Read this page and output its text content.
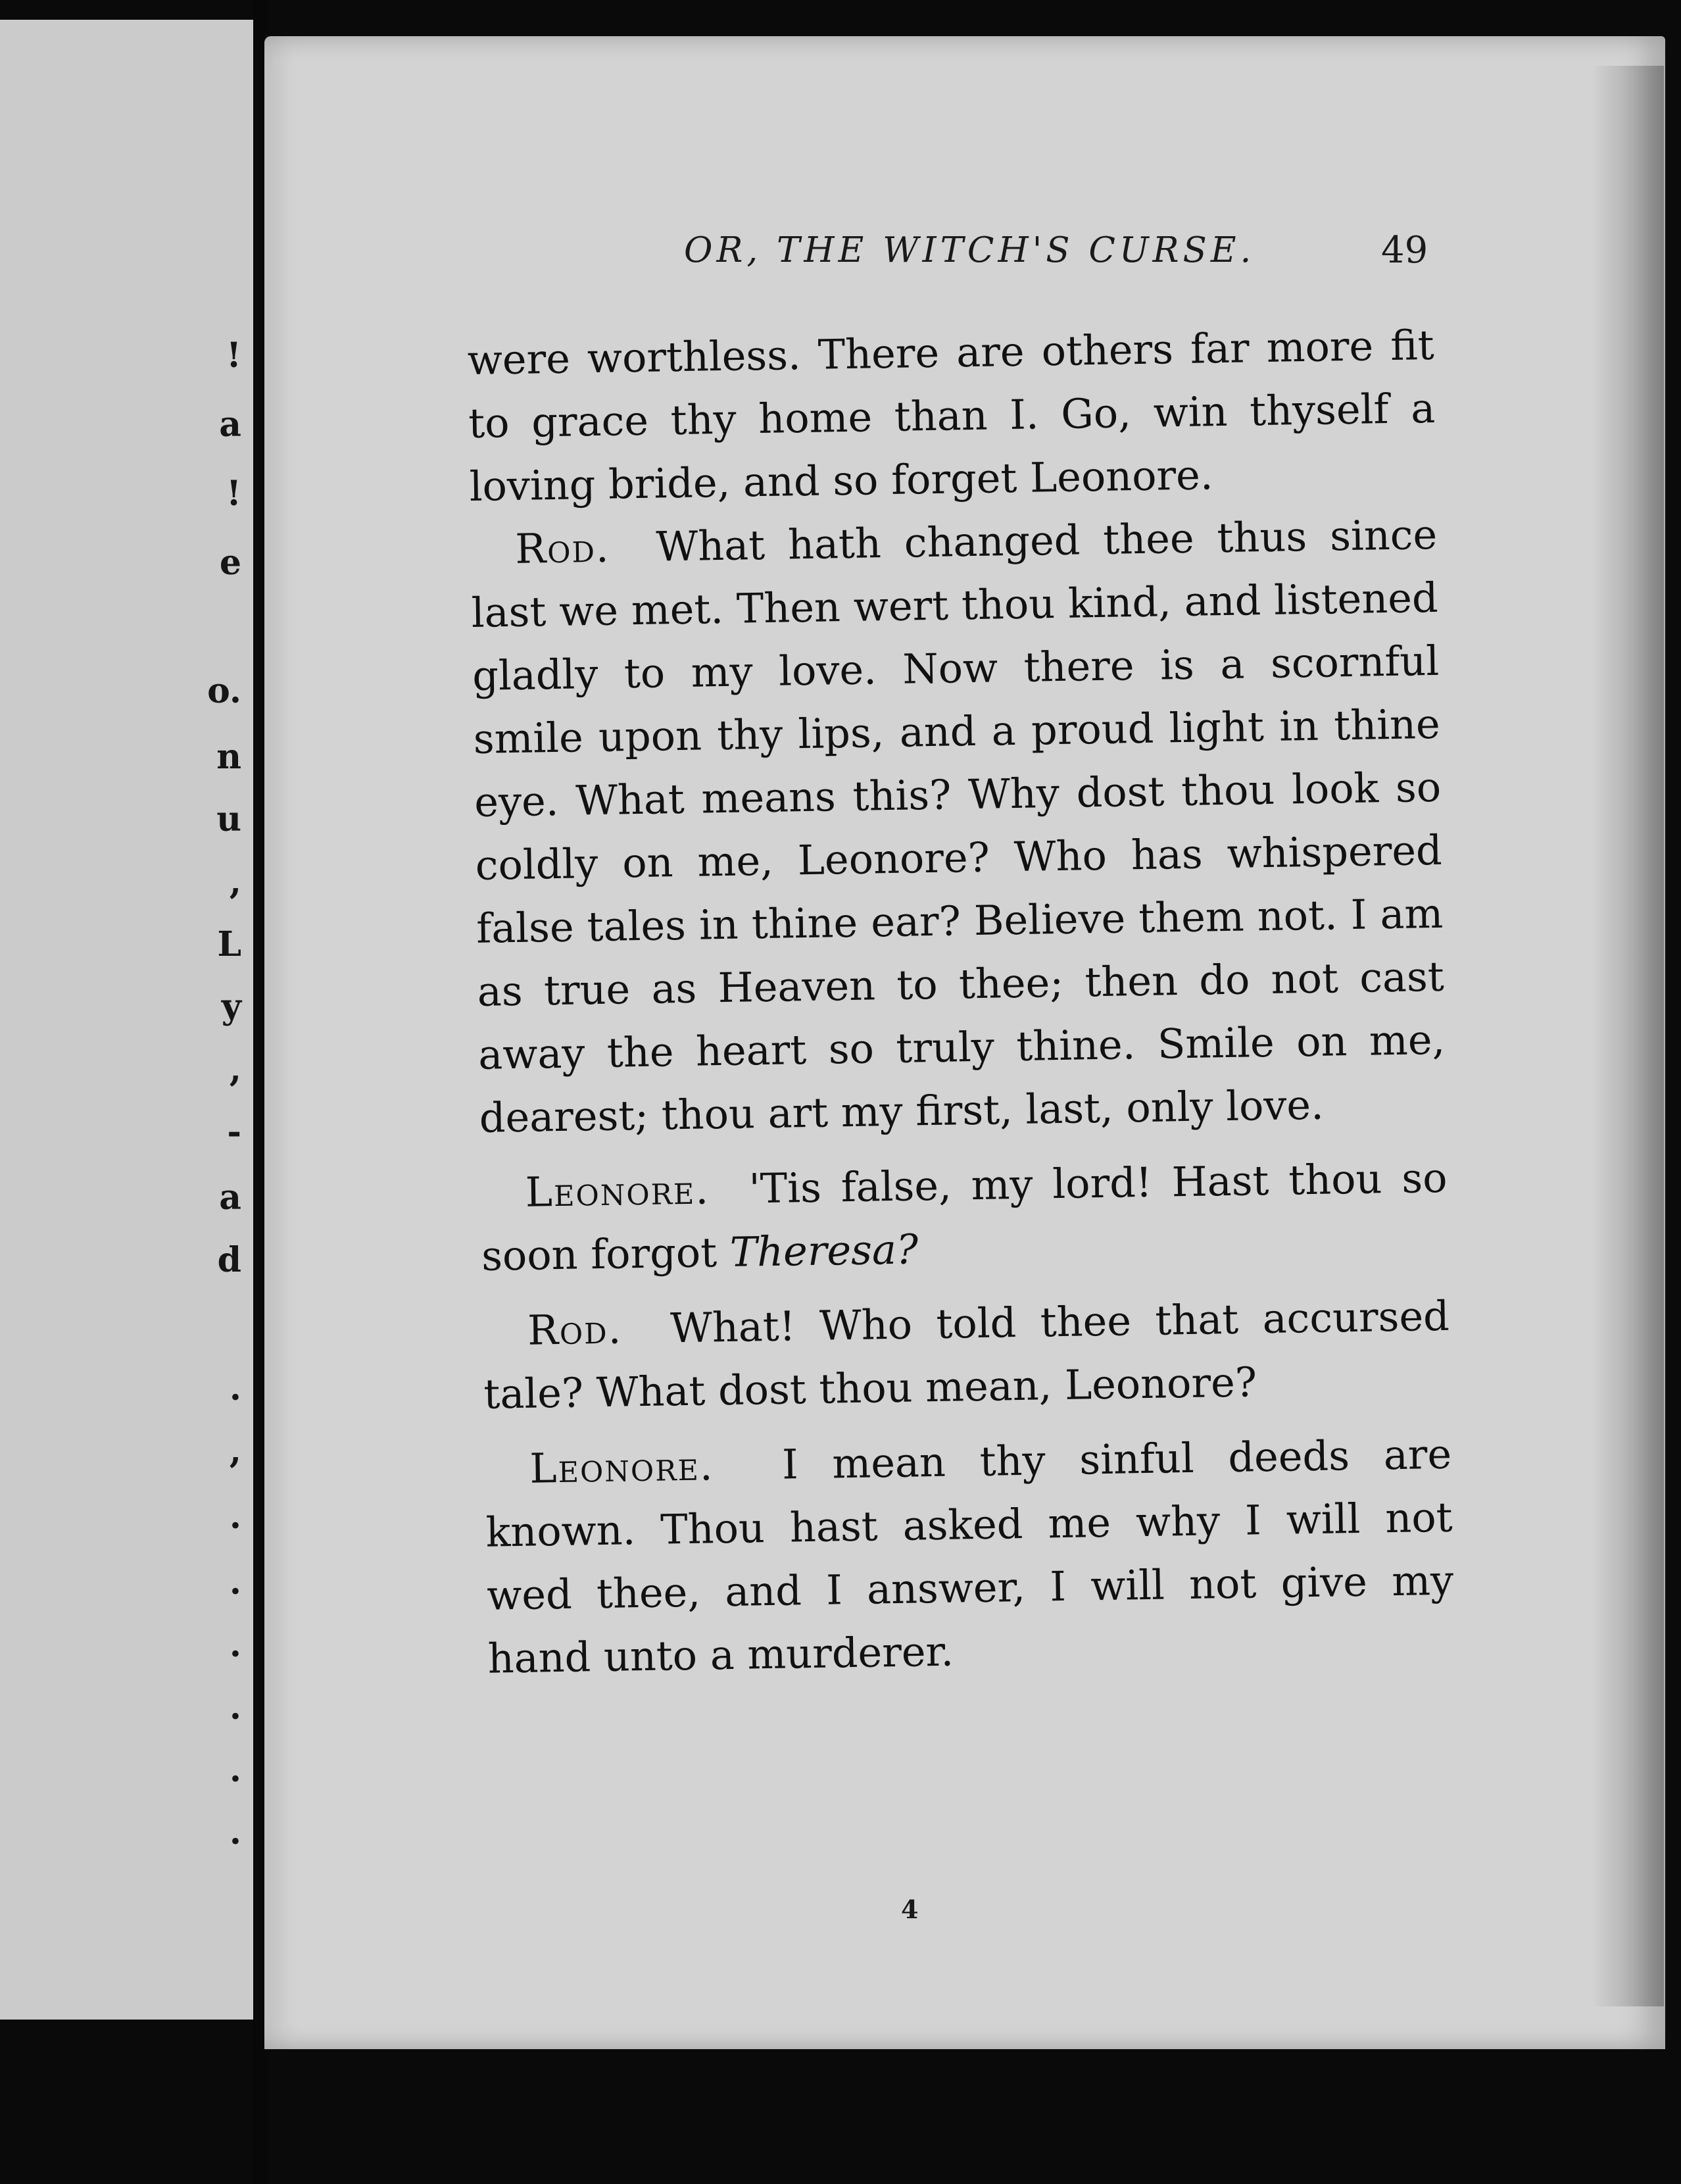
!
a
!
e
o.
n
u
,
L
y
,
-
a
d
.
,
.
.
.
.
.
.
OR, THE WITCH'S CURSE.	49

were worthless. There are others far more fit to grace thy home than I. Go, win thyself a loving bride, and so forget Leonore.

Rod. What hath changed thee thus since last we met. Then wert thou kind, and listened gladly to my love. Now there is a scornful smile upon thy lips, and a proud light in thine eye. What means this? Why dost thou look so coldly on me, Leonore? Who has whispered false tales in thine ear? Believe them not. I am as true as Heaven to thee; then do not cast away the heart so truly thine. Smile on me, dearest; thou art my first, last, only love.

Leonore. 'Tis false, my lord! Hast thou so soon forgot Theresa?

Rod. What! Who told thee that accursed tale? What dost thou mean, Leonore?

Leonore. I mean thy sinful deeds are known. Thou hast asked me why I will not wed thee, and I answer, I will not give my hand unto a murderer.

4
